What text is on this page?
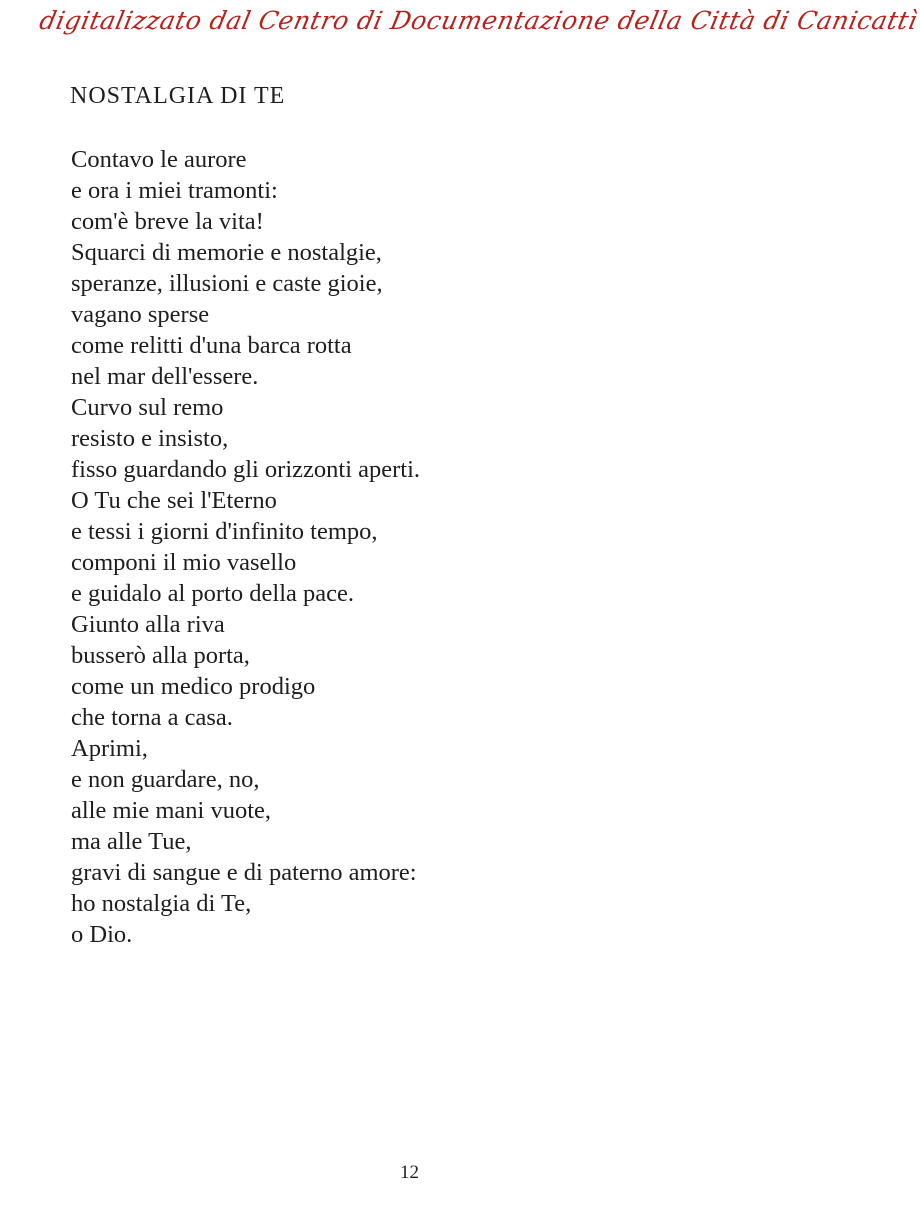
digitalizzato dal Centro di Documentazione della Città di Canicattì
NOSTALGIA DI TE
Contavo le aurore
e ora i miei tramonti:
com'è breve la vita!
Squarci di memorie e nostalgie,
speranze, illusioni e caste gioie,
vagano sperse
come relitti d'una barca rotta
nel mar dell'essere.
Curvo sul remo
resisto e insisto,
fisso guardando gli orizzonti aperti.
O Tu che sei l'Eterno
e tessi i giorni d'infinito tempo,
componi il mio vasello
e guidalo al porto della pace.
Giunto alla riva
busserò alla porta,
come un medico prodigo
che torna a casa.
Aprimi,
e non guardare, no,
alle mie mani vuote,
ma alle Tue,
gravi di sangue e di paterno amore:
ho nostalgia di Te,
o Dio.
12
